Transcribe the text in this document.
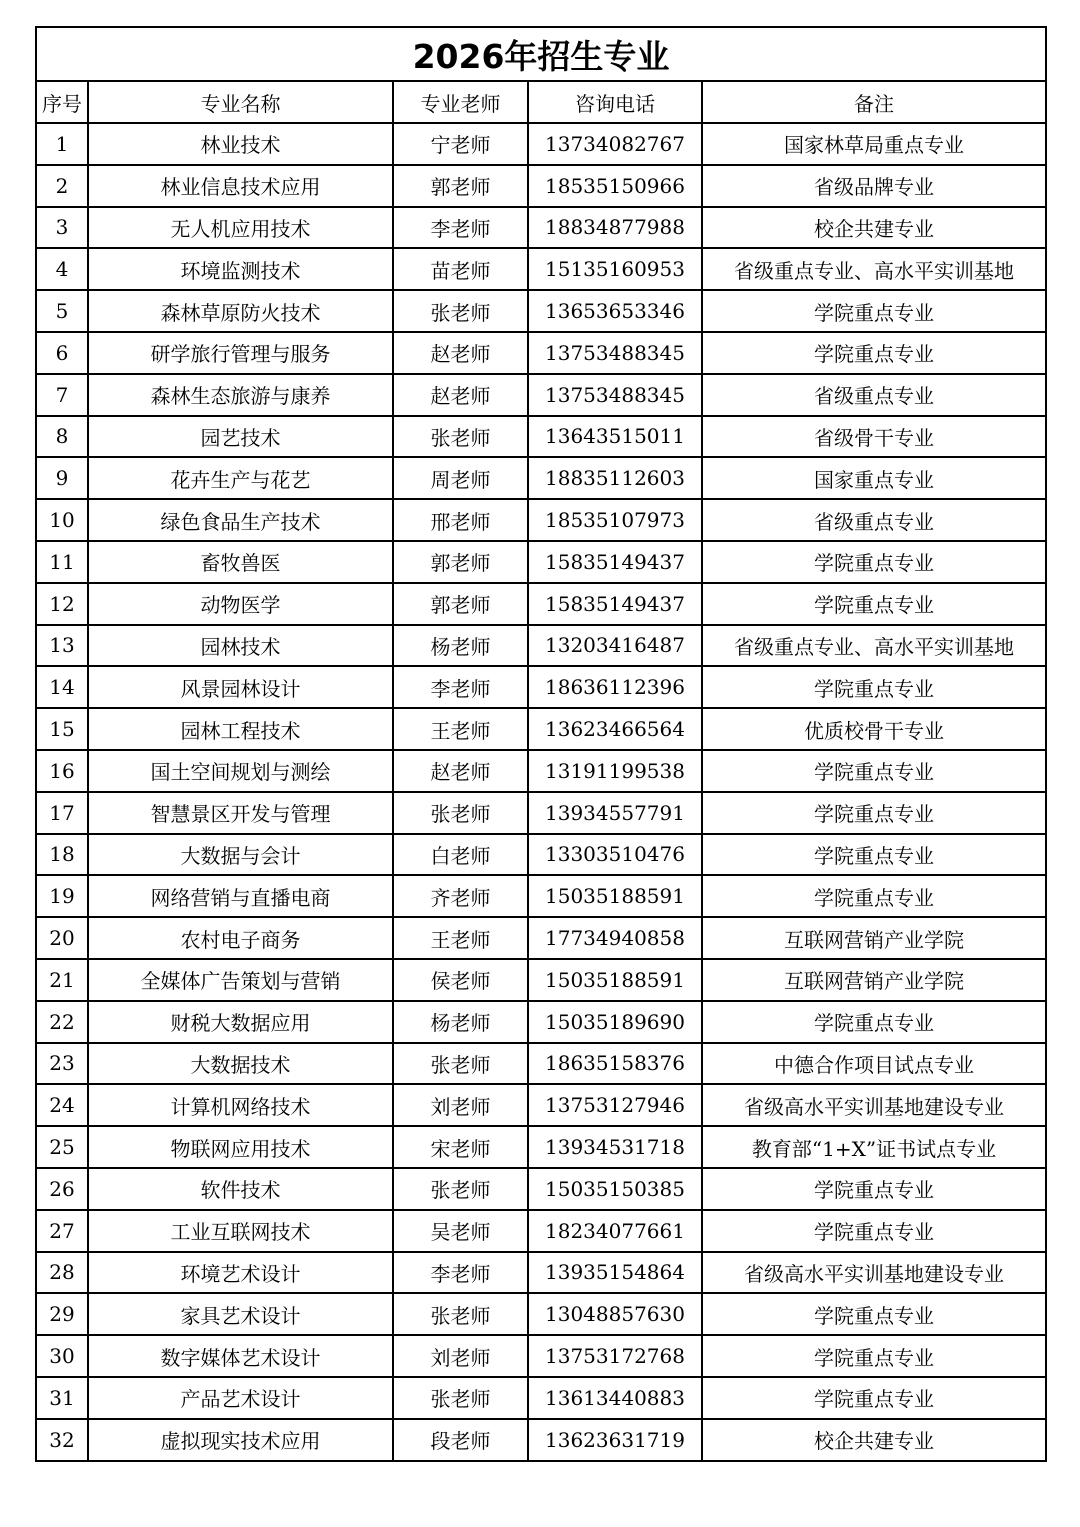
2026年招生专业				
序号	专业名称	专业老师	咨询电话	备注
1	林业技术	宁老师	13734082767	国家林草局重点专业
2	林业信息技术应用	郭老师	18535150966	省级品牌专业
3	无人机应用技术	李老师	18834877988	校企共建专业
4	环境监测技术	苗老师	15135160953	省级重点专业、高水平实训基地
5	森林草原防火技术	张老师	13653653346	学院重点专业
6	研学旅行管理与服务	赵老师	13753488345	学院重点专业
7	森林生态旅游与康养	赵老师	13753488345	省级重点专业
8	园艺技术	张老师	13643515011	省级骨干专业
9	花卉生产与花艺	周老师	18835112603	国家重点专业
10	绿色食品生产技术	邢老师	18535107973	省级重点专业
11	畜牧兽医	郭老师	15835149437	学院重点专业
12	动物医学	郭老师	15835149437	学院重点专业
13	园林技术	杨老师	13203416487	省级重点专业、高水平实训基地
14	风景园林设计	李老师	18636112396	学院重点专业
15	园林工程技术	王老师	13623466564	优质校骨干专业
16	国土空间规划与测绘	赵老师	13191199538	学院重点专业
17	智慧景区开发与管理	张老师	13934557791	学院重点专业
18	大数据与会计	白老师	13303510476	学院重点专业
19	网络营销与直播电商	齐老师	15035188591	学院重点专业
20	农村电子商务	王老师	17734940858	互联网营销产业学院
21	全媒体广告策划与营销	侯老师	15035188591	互联网营销产业学院
22	财税大数据应用	杨老师	15035189690	学院重点专业
23	大数据技术	张老师	18635158376	中德合作项目试点专业
24	计算机网络技术	刘老师	13753127946	省级高水平实训基地建设专业
25	物联网应用技术	宋老师	13934531718	教育部“1+X”证书试点专业
26	软件技术	张老师	15035150385	学院重点专业
27	工业互联网技术	吴老师	18234077661	学院重点专业
28	环境艺术设计	李老师	13935154864	省级高水平实训基地建设专业
29	家具艺术设计	张老师	13048857630	学院重点专业
30	数字媒体艺术设计	刘老师	13753172768	学院重点专业
31	产品艺术设计	张老师	13613440883	学院重点专业
32	虚拟现实技术应用	段老师	13623631719	校企共建专业
